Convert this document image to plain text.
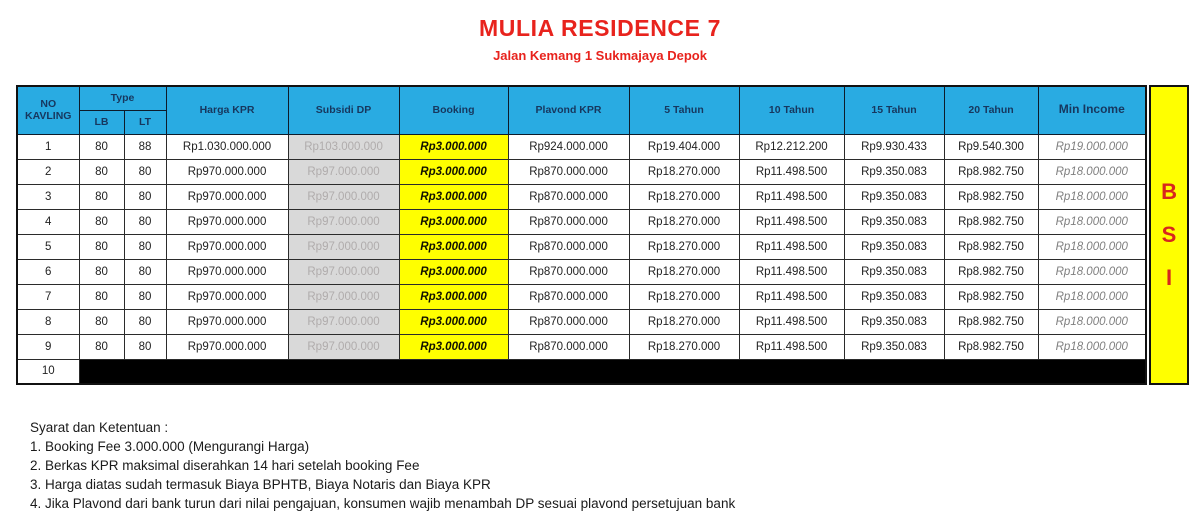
MULIA RESIDENCE 7
Jalan Kemang 1 Sukmajaya Depok
NO KAVLING	Type		Harga KPR	Subsidi DP	Booking	Plavond KPR	5 Tahun	10 Tahun	15 Tahun	20 Tahun	Min Income
	LB	LT									
1	80	88	Rp1.030.000.000	Rp103.000.000	Rp3.000.000	Rp924.000.000	Rp19.404.000	Rp12.212.200	Rp9.930.433	Rp9.540.300	Rp19.000.000
2	80	80	Rp970.000.000	Rp97.000.000	Rp3.000.000	Rp870.000.000	Rp18.270.000	Rp11.498.500	Rp9.350.083	Rp8.982.750	Rp18.000.000
3	80	80	Rp970.000.000	Rp97.000.000	Rp3.000.000	Rp870.000.000	Rp18.270.000	Rp11.498.500	Rp9.350.083	Rp8.982.750	Rp18.000.000
4	80	80	Rp970.000.000	Rp97.000.000	Rp3.000.000	Rp870.000.000	Rp18.270.000	Rp11.498.500	Rp9.350.083	Rp8.982.750	Rp18.000.000
5	80	80	Rp970.000.000	Rp97.000.000	Rp3.000.000	Rp870.000.000	Rp18.270.000	Rp11.498.500	Rp9.350.083	Rp8.982.750	Rp18.000.000
6	80	80	Rp970.000.000	Rp97.000.000	Rp3.000.000	Rp870.000.000	Rp18.270.000	Rp11.498.500	Rp9.350.083	Rp8.982.750	Rp18.000.000
7	80	80	Rp970.000.000	Rp97.000.000	Rp3.000.000	Rp870.000.000	Rp18.270.000	Rp11.498.500	Rp9.350.083	Rp8.982.750	Rp18.000.000
8	80	80	Rp970.000.000	Rp97.000.000	Rp3.000.000	Rp870.000.000	Rp18.270.000	Rp11.498.500	Rp9.350.083	Rp8.982.750	Rp18.000.000
9	80	80	Rp970.000.000	Rp97.000.000	Rp3.000.000	Rp870.000.000	Rp18.270.000	Rp11.498.500	Rp9.350.083	Rp8.982.750	Rp18.000.000
10											
B
S
I
Syarat dan Ketentuan :
1. Booking Fee 3.000.000 (Mengurangi Harga)
2. Berkas KPR maksimal diserahkan 14 hari setelah booking Fee
3. Harga diatas sudah termasuk Biaya BPHTB, Biaya Notaris dan Biaya KPR
4. Jika Plavond dari bank turun dari nilai pengajuan, konsumen wajib menambah DP sesuai plavond persetujuan bank
